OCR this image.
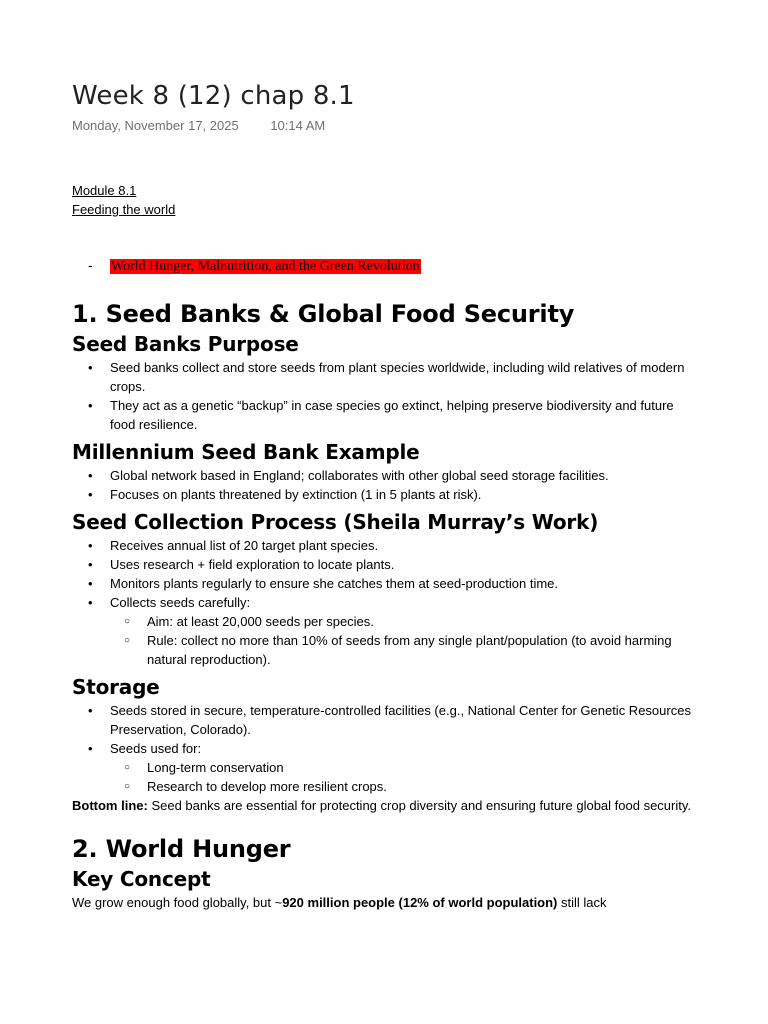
Week 8 (12) chap 8.1
Monday, November 17, 2025 10:14 AM
Module 8.1
Feeding the world
- World Hunger, Malnutrition, and the Green Revolution
1. Seed Banks & Global Food Security
Seed Banks Purpose
• Seed banks collect and store seeds from plant species worldwide, including wild relatives of modern crops.
• They act as a genetic “backup” in case species go extinct, helping preserve biodiversity and future food resilience.
Millennium Seed Bank Example
• Global network based in England; collaborates with other global seed storage facilities.
• Focuses on plants threatened by extinction (1 in 5 plants at risk).
Seed Collection Process (Sheila Murray’s Work)
• Receives annual list of 20 target plant species.
• Uses research + field exploration to locate plants.
• Monitors plants regularly to ensure she catches them at seed-production time.
• Collects seeds carefully:
○ Aim: at least 20,000 seeds per species.
○ Rule: collect no more than 10% of seeds from any single plant/population (to avoid harming natural reproduction).
Storage
• Seeds stored in secure, temperature-controlled facilities (e.g., National Center for Genetic Resources Preservation, Colorado).
• Seeds used for:
○ Long-term conservation
○ Research to develop more resilient crops.

Bottom line: Seed banks are essential for protecting crop diversity and ensuring future global food security.

2. World Hunger
Key Concept

We grow enough food globally, but ~920 million people (12% of world population) still lack
